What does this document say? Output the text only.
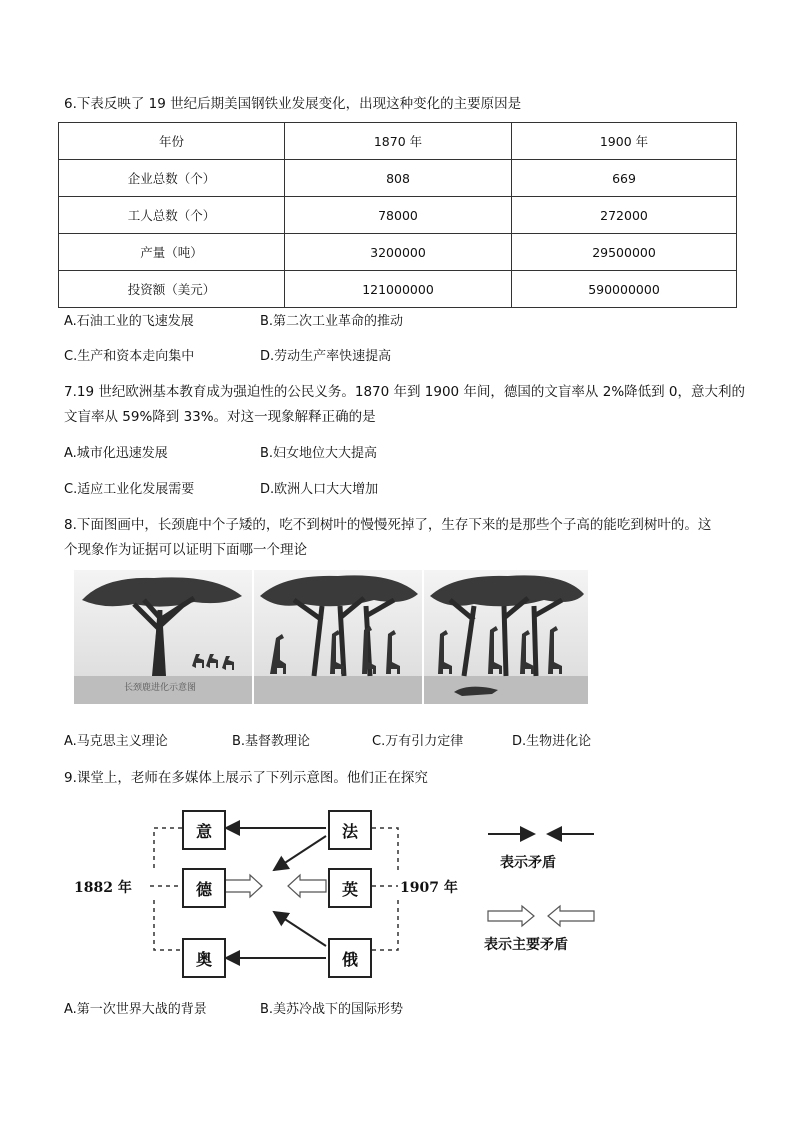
6.下表反映了 19 世纪后期美国钢铁业发展变化，出现这种变化的主要原因是
年份	1870 年	1900 年
企业总数（个）	808	669
工人总数（个）	78000	272000
产量（吨）	3200000	29500000
投资额（美元）	121000000	590000000
A.石油工业的飞速发展	B.第二次工业革命的推动
C.生产和资本走向集中	D.劳动生产率快速提高
7.19 世纪欧洲基本教育成为强迫性的公民义务。1870 年到 1900 年间，德国的文盲率从 2%降低到 0，意大利的
文盲率从 59%降到 33%。对这一现象解释正确的是
A.城市化迅速发展	B.妇女地位大大提高
C.适应工业化发展需要	D.欧洲人口大大增加
8.下面图画中，长颈鹿中个子矮的，吃不到树叶的慢慢死掉了，生存下来的是那些个子高的能吃到树叶的。这
个现象作为证据可以证明下面哪一个理论
长颈鹿进化示意图
A.马克思主义理论	B.基督教理论	C.万有引力定律	D.生物进化论
9.课堂上，老师在多媒体上展示了下列示意图。他们正在探究
意
德
奥
法
英
俄
1882 年	1907 年
表示矛盾
表示主要矛盾
A.第一次世界大战的背景	B.美苏冷战下的国际形势
